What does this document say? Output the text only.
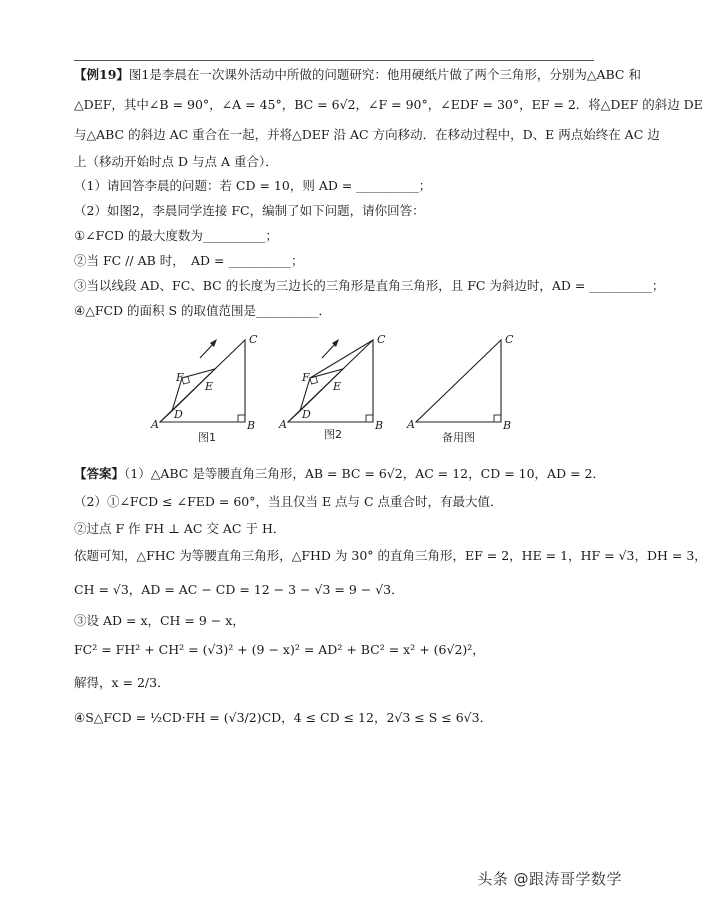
【例19】图1是李晨在一次课外活动中所做的问题研究：他用硬纸片做了两个三角形，分别为△ABC 和
△DEF，其中∠B = 90°，∠A = 45°，BC = 6√2，∠F = 90°，∠EDF = 30°，EF = 2．将△DEF 的斜边 DE
与△ABC 的斜边 AC 重合在一起，并将△DEF 沿 AC 方向移动．在移动过程中，D、E 两点始终在 AC 边
上（移动开始时点 D 与点 A 重合）．
（1）请回答李晨的问题：若 CD = 10，则 AD = __________；
（2）如图2，李晨同学连接 FC，编制了如下问题，请你回答：
①∠FCD 的最大度数为__________；
②当 FC // AB 时，　AD = __________；
③当以线段 AD、FC、BC 的长度为三边长的三角形是直角三角形，且 FC 为斜边时，AD = __________；
④△FCD 的面积 S 的取值范围是__________．
A	B
C
D
E
F
图1
A	B
C
D
E
F
图2
A	B
C
备用图
【答案】（1）△ABC 是等腰直角三角形，AB = BC = 6√2，AC = 12，CD = 10，AD = 2．
（2）①∠FCD ≤ ∠FED = 60°，当且仅当 E 点与 C 点重合时，有最大值．
②过点 F 作 FH ⊥ AC 交 AC 于 H．
依题可知，△FHC 为等腰直角三角形，△FHD 为 30° 的直角三角形，EF = 2，HE = 1，HF = √3，DH = 3，
CH = √3，AD = AC − CD = 12 − 3 − √3 = 9 − √3．
③设 AD = x，CH = 9 − x，
FC² = FH² + CH² = (√3)² + (9 − x)² = AD² + BC² = x² + (6√2)²，
解得，x = 2/3．
④S△FCD = ½CD·FH = (√3/2)CD，4 ≤ CD ≤ 12，2√3 ≤ S ≤ 6√3．
头条 @跟涛哥学数学
